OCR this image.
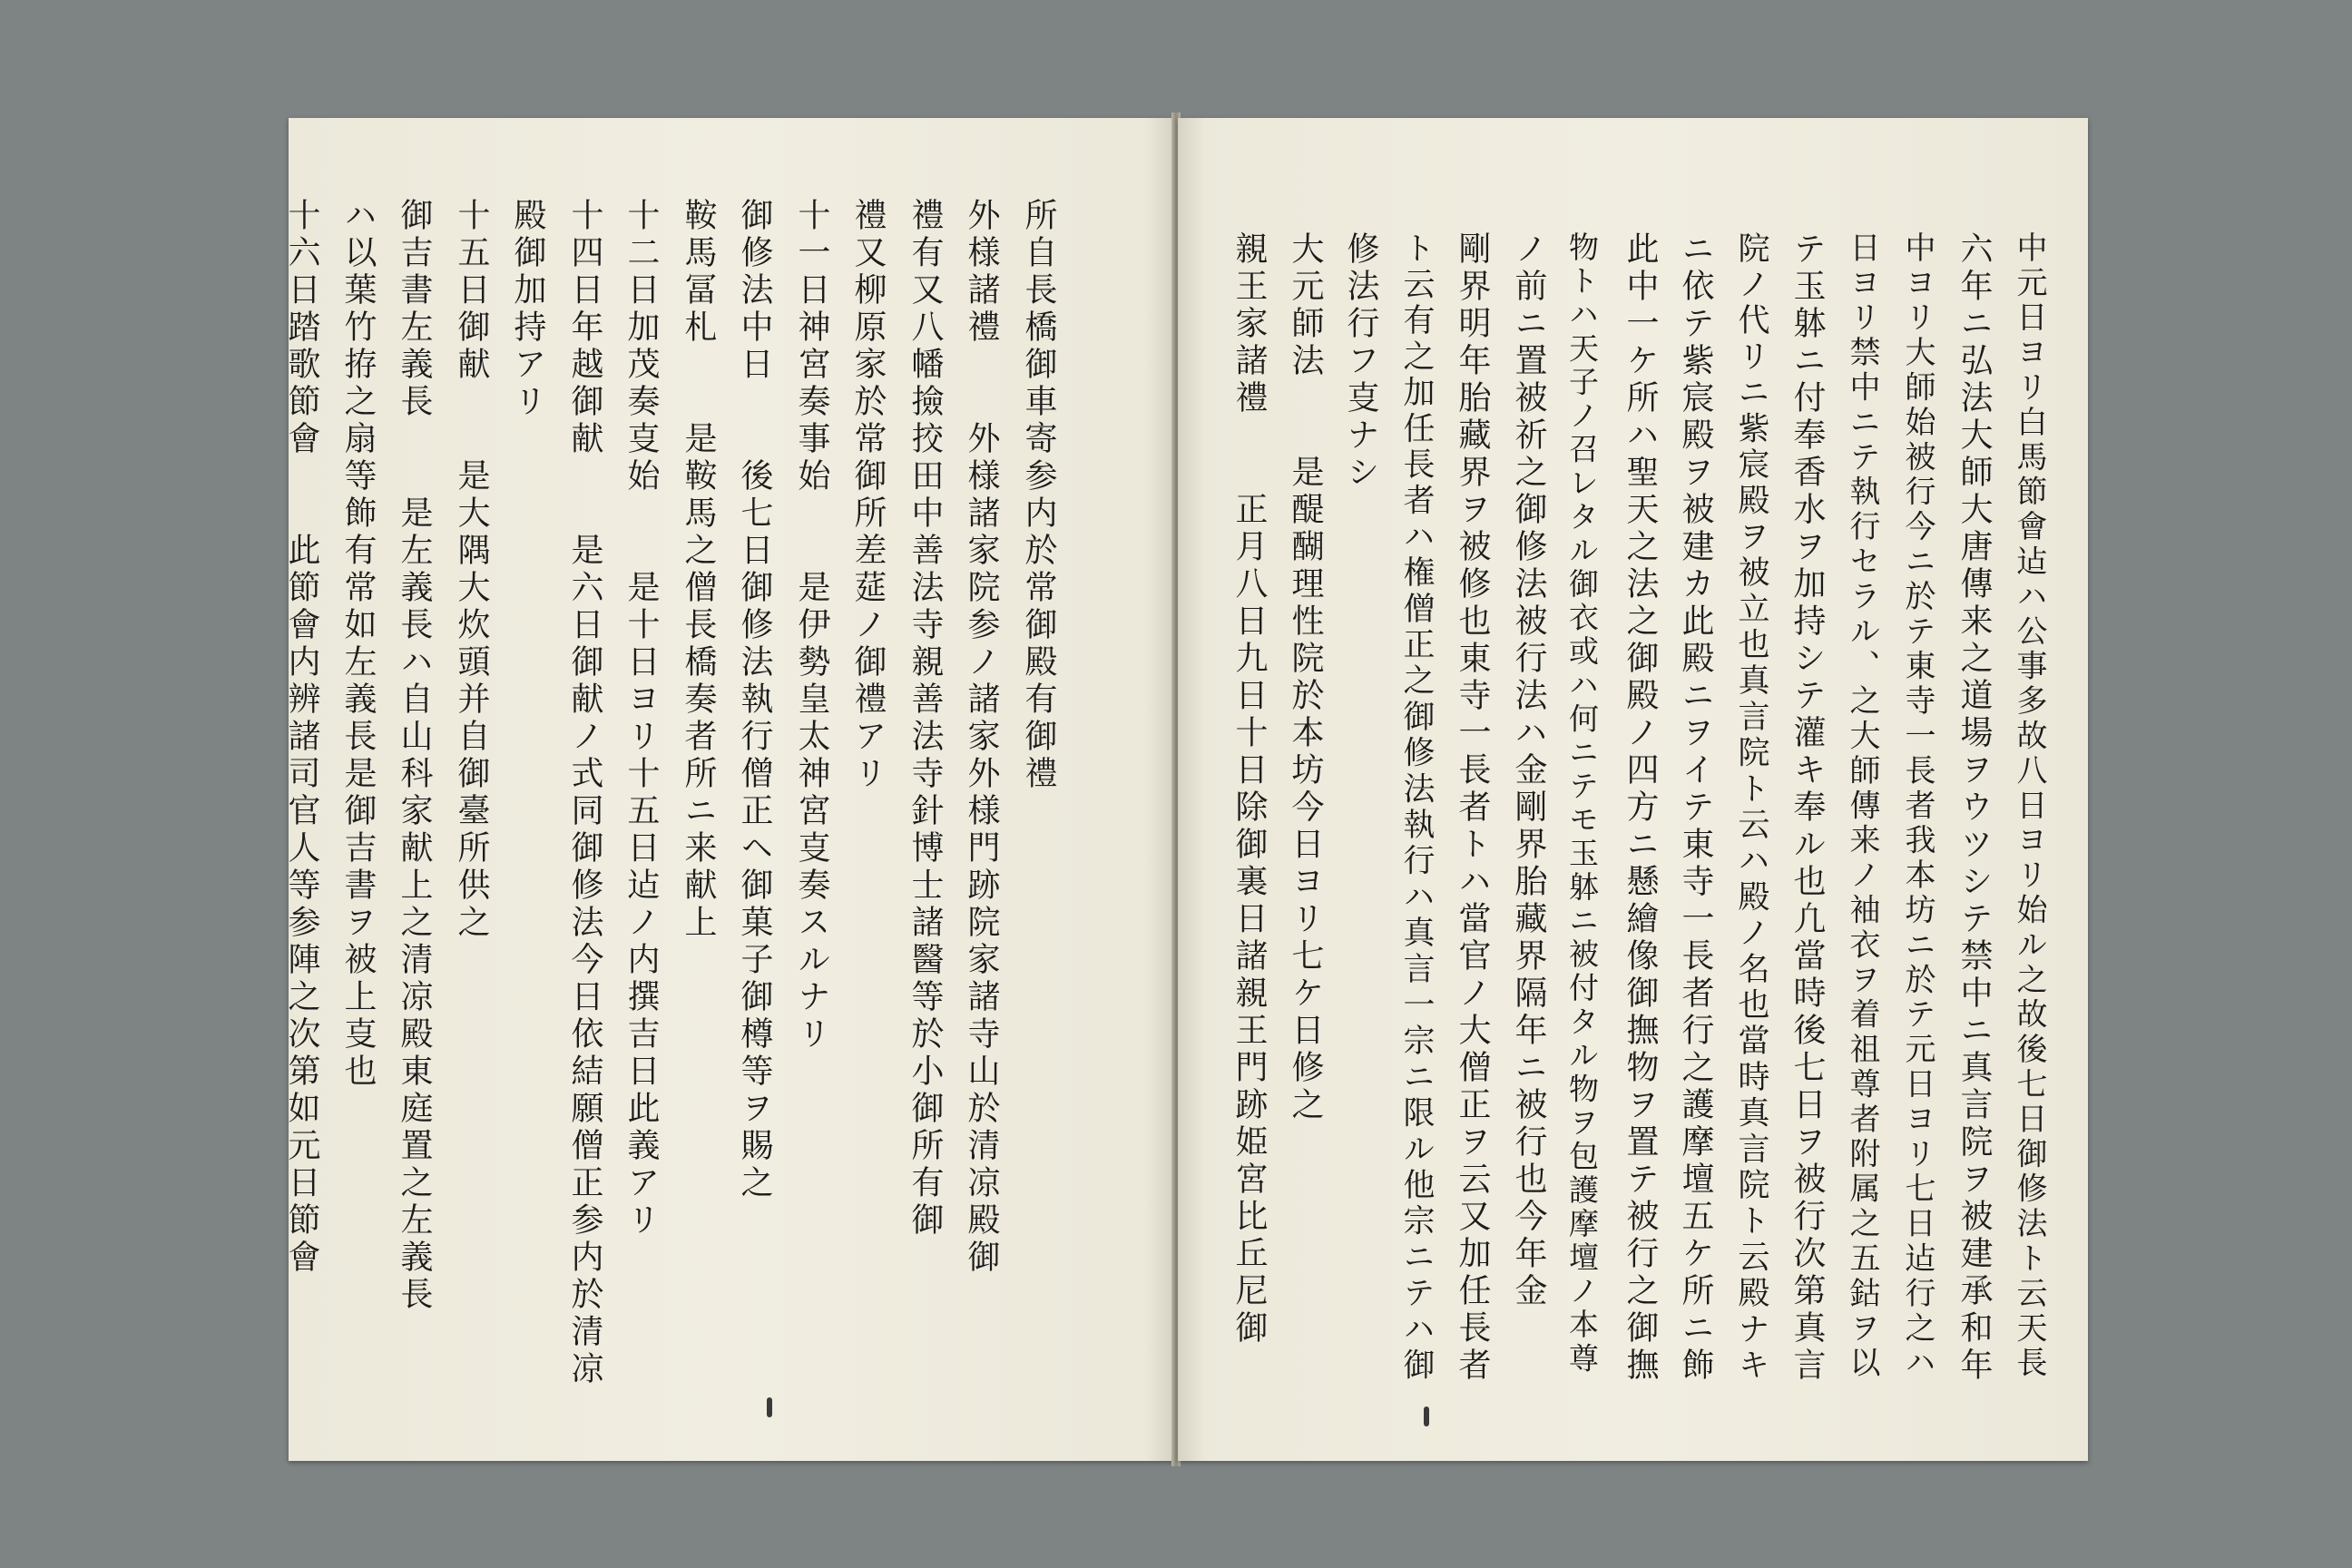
所自長橋御車寄参内於常御殿有御禮
外様諸禮　　外様諸家院参ノ諸家外様門跡院家諸寺山於清凉殿御
禮有又八幡撿挍田中善法寺親善法寺針博士諸醫等於小御所有御
禮又柳原家於常御所差莚ノ御禮アリ
十一日神宮奏事始　　是伊勢皇太神宮㕝奏スルナリ
御修法中日　　後七日御修法執行僧正ヘ御菓子御樽等ヲ賜之
鞍馬冨札　　是鞍馬之僧長橋奏者所ニ来献上
十二日加茂奏㕝始　　是十日ヨリ十五日迠ノ内撰吉日此義アリ
十四日年越御献　　是六日御献ノ式同御修法今日依結願僧正参内於清凉
殿御加持アリ
十五日御献　　是大隅大炊頭并自御臺所供之
御吉書左義長　　是左義長ハ自山科家献上之清凉殿東庭置之左義長
ハ以葉竹拵之扇等飾有常如左義長是御吉書ヲ被上㕝也
十六日踏歌節會　　此節會内辨諸司官人等参陣之次第如元日節會	中元日ヨリ白馬節會迠ハ公事多故八日ヨリ始ル之故後七日御修法ト云天長
六年ニ弘法大師大唐傳来之道場ヲウツシテ禁中ニ真言院ヲ被建承和年
中ヨリ大師始被行今ニ於テ東寺一長者我本坊ニ於テ元日ヨリ七日迠行之ハ
日ヨリ禁中ニテ執行セラル、之大師傳来ノ袖衣ヲ着祖尊者附属之五鈷ヲ以
テ玉躰ニ付奉香水ヲ加持シテ灌キ奉ル也凢當時後七日ヲ被行次第真言
院ノ代リニ紫宸殿ヲ被立也真言院ト云ハ殿ノ名也當時真言院ト云殿ナキ
ニ依テ紫宸殿ヲ被建カ此殿ニヲイテ東寺一長者行之護摩壇五ケ所ニ飾
此中一ケ所ハ聖天之法之御殿ノ四方ニ懸繪像御撫物ヲ置テ被行之御撫
物トハ天子ノ召レタル御衣或ハ何ニテモ玉躰ニ被付タル物ヲ包護摩壇ノ本尊
ノ前ニ置被祈之御修法被行法ハ金剛界胎藏界隔年ニ被行也今年金
剛界明年胎藏界ヲ被修也東寺一長者トハ當官ノ大僧正ヲ云又加任長者
ト云有之加任長者ハ権僧正之御修法執行ハ真言一宗ニ限ル他宗ニテハ御
修法行フ㕝ナシ
大元師法　　是醍醐理性院於本坊今日ヨリ七ケ日修之
親王家諸禮　　正月八日九日十日除御裏日諸親王門跡姫宮比丘尼御
